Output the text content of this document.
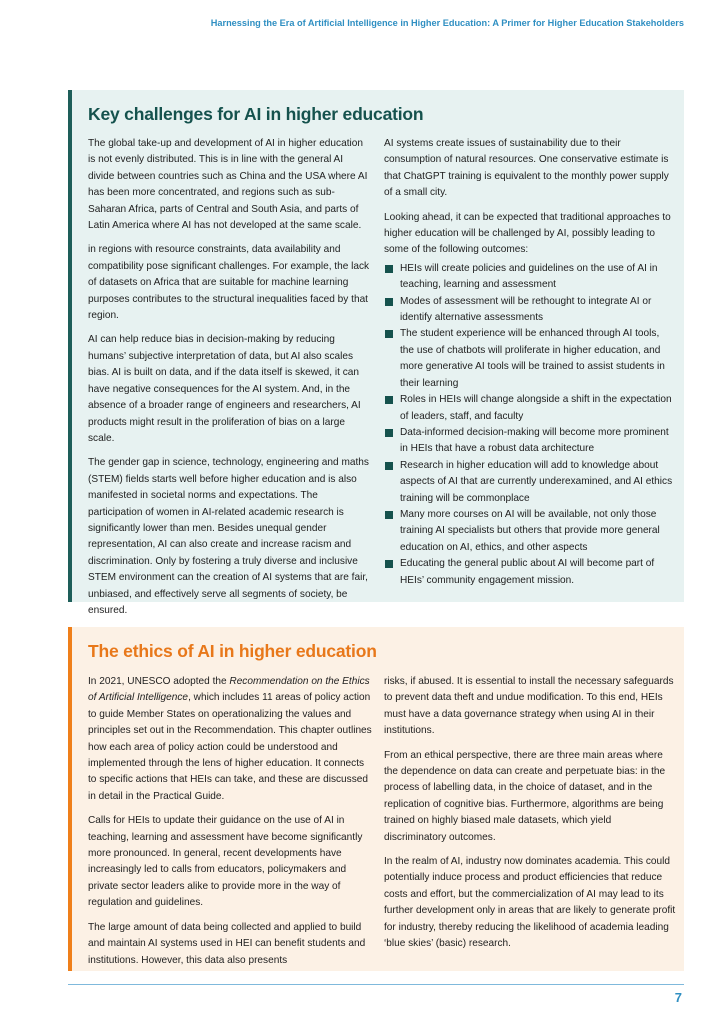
Harnessing the Era of Artificial Intelligence in Higher Education: A Primer for Higher Education Stakeholders
Key challenges for AI in higher education

The global take-up and development of AI in higher education is not evenly distributed. This is in line with the general AI divide between countries such as China and the USA where AI has been more concentrated, and regions such as sub-Saharan Africa, parts of Central and South Asia, and parts of Latin America where AI has not developed at the same scale.

in regions with resource constraints, data availability and compatibility pose significant challenges. For example, the lack of datasets on Africa that are suitable for machine learning purposes contributes to the structural inequalities faced by that region.

AI can help reduce bias in decision-making by reducing humans’ subjective interpretation of data, but AI also scales bias. AI is built on data, and if the data itself is skewed, it can have negative consequences for the AI system. And, in the absence of a broader range of engineers and researchers, AI products might result in the proliferation of bias on a large scale.

The gender gap in science, technology, engineering and maths (STEM) fields starts well before higher education and is also manifested in societal norms and expectations. The participation of women in AI-related academic research is significantly lower than men. Besides unequal gender representation, AI can also create and increase racism and discrimination. Only by fostering a truly diverse and inclusive STEM environment can the creation of AI systems that are fair, unbiased, and effectively serve all segments of society, be ensured.

AI systems create issues of sustainability due to their consumption of natural resources. One conservative estimate is that ChatGPT training is equivalent to the monthly power supply of a small city.

Looking ahead, it can be expected that traditional approaches to higher education will be challenged by AI, possibly leading to some of the following outcomes:

HEIs will create policies and guidelines on the use of AI in teaching, learning and assessment
Modes of assessment will be rethought to integrate AI or identify alternative assessments
The student experience will be enhanced through AI tools, the use of chatbots will proliferate in higher education, and more generative AI tools will be trained to assist students in their learning
Roles in HEIs will change alongside a shift in the expectation of leaders, staff, and faculty
Data-informed decision-making will become more prominent in HEIs that have a robust data architecture
Research in higher education will add to knowledge about aspects of AI that are currently underexamined, and AI ethics training will be commonplace
Many more courses on AI will be available, not only those training AI specialists but others that provide more general education on AI, ethics, and other aspects
Educating the general public about AI will become part of HEIs’ community engagement mission.
The ethics of AI in higher education

In 2021, UNESCO adopted the Recommendation on the Ethics of Artificial Intelligence, which includes 11 areas of policy action to guide Member States on operationalizing the values and principles set out in the Recommendation. This chapter outlines how each area of policy action could be understood and implemented through the lens of higher education. It connects to specific actions that HEIs can take, and these are discussed in detail in the Practical Guide.

Calls for HEIs to update their guidance on the use of AI in teaching, learning and assessment have become significantly more pronounced. In general, recent developments have increasingly led to calls from educators, policymakers and private sector leaders alike to provide more in the way of regulation and guidelines.

The large amount of data being collected and applied to build and maintain AI systems used in HEI can benefit students and institutions. However, this data also presents

risks, if abused. It is essential to install the necessary safeguards to prevent data theft and undue modification. To this end, HEIs must have a data governance strategy when using AI in their institutions.

From an ethical perspective, there are three main areas where the dependence on data can create and perpetuate bias: in the process of labelling data, in the choice of dataset, and in the replication of cognitive bias. Furthermore, algorithms are being trained on highly biased male datasets, which yield discriminatory outcomes.

In the realm of AI, industry now dominates academia. This could potentially induce process and product efficiencies that reduce costs and effort, but the commercialization of AI may lead to its further development only in areas that are likely to generate profit for industry, thereby reducing the likelihood of academia leading ‘blue skies’ (basic) research.

7
